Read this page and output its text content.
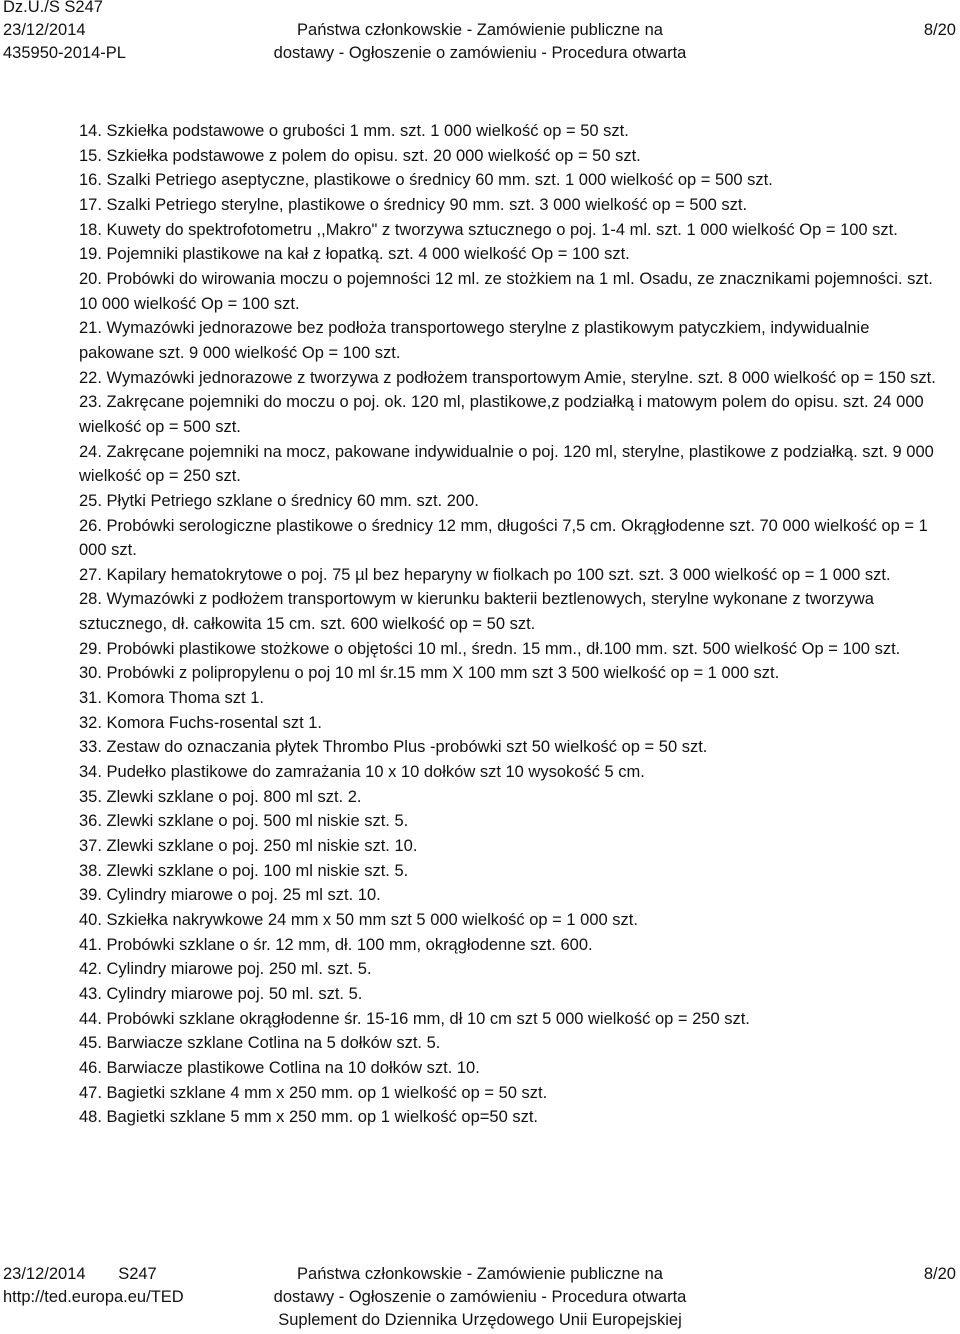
Dz.U./S S247
23/12/2014
435950-2014-PL
Państwa członkowskie - Zamówienie publiczne na
dostawy - Ogłoszenie o zamówieniu - Procedura otwarta
8/20

14. Szkiełka podstawowe o grubości 1 mm. szt. 1 000 wielkość op = 50 szt.

15. Szkiełka podstawowe z polem do opisu. szt. 20 000 wielkość op = 50 szt.

16. Szalki Petriego aseptyczne, plastikowe o średnicy 60 mm. szt. 1 000 wielkość op = 500 szt.

17. Szalki Petriego sterylne, plastikowe o średnicy 90 mm. szt. 3 000 wielkość op = 500 szt.

18. Kuwety do spektrofotometru ,,Makro" z tworzywa sztucznego o poj. 1-4 ml. szt. 1 000 wielkość Op = 100 szt.

19. Pojemniki plastikowe na kał z łopatką. szt. 4 000 wielkość Op = 100 szt.

20. Probówki do wirowania moczu o pojemności 12 ml. ze stożkiem na 1 ml. Osadu, ze znacznikami pojemności. szt. 10 000 wielkość Op = 100 szt.

21. Wymazówki jednorazowe bez podłoża transportowego sterylne z plastikowym patyczkiem, indywidualnie pakowane szt. 9 000 wielkość Op = 100 szt.

22. Wymazówki jednorazowe z tworzywa z podłożem transportowym Amie, sterylne. szt. 8 000 wielkość op = 150 szt.

23. Zakręcane pojemniki do moczu o poj. ok. 120 ml, plastikowe,z podziałką i matowym polem do opisu. szt. 24 000 wielkość op = 500 szt.

24. Zakręcane pojemniki na mocz, pakowane indywidualnie o poj. 120 ml, sterylne, plastikowe z podziałką. szt. 9 000 wielkość op = 250 szt.

25. Płytki Petriego szklane o średnicy 60 mm. szt. 200.

26. Probówki serologiczne plastikowe o średnicy 12 mm, długości 7,5 cm. Okrągłodenne szt. 70 000 wielkość op = 1 000 szt.

27. Kapilary hematokrytowe o poj. 75 µl bez heparyny w fiolkach po 100 szt. szt. 3 000 wielkość op = 1 000 szt.

28. Wymazówki z podłożem transportowym w kierunku bakterii beztlenowych, sterylne wykonane z tworzywa sztucznego, dł. całkowita 15 cm. szt. 600 wielkość op = 50 szt.

29. Probówki plastikowe stożkowe o objętości 10 ml., średn. 15 mm., dł.100 mm. szt. 500 wielkość Op = 100 szt.

30. Probówki z polipropylenu o poj 10 ml śr.15 mm X 100 mm szt 3 500 wielkość op = 1 000 szt.

31. Komora Thoma szt 1.

32. Komora Fuchs-rosental szt 1.

33. Zestaw do oznaczania płytek Thrombo Plus -probówki szt 50 wielkość op = 50 szt.

34. Pudełko plastikowe do zamrażania 10 x 10 dołków szt 10 wysokość 5 cm.

35. Zlewki szklane o poj. 800 ml szt. 2.

36. Zlewki szklane o poj. 500 ml niskie szt. 5.

37. Zlewki szklane o poj. 250 ml niskie szt. 10.

38. Zlewki szklane o poj. 100 ml niskie szt. 5.

39. Cylindry miarowe o poj. 25 ml szt. 10.

40. Szkiełka nakrywkowe 24 mm x 50 mm szt 5 000 wielkość op = 1 000 szt.

41. Probówki szklane o śr. 12 mm, dł. 100 mm, okrągłodenne szt. 600.

42. Cylindry miarowe poj. 250 ml. szt. 5.

43. Cylindry miarowe poj. 50 ml. szt. 5.

44. Probówki szklane okrągłodenne śr. 15-16 mm, dł 10 cm szt 5 000 wielkość op = 250 szt.

45. Barwiacze szklane Cotlina na 5 dołków szt. 5.

46. Barwiacze plastikowe Cotlina na 10 dołków szt. 10.

47. Bagietki szklane 4 mm x 250 mm. op 1 wielkość op = 50 szt.

48. Bagietki szklane 5 mm x 250 mm. op 1 wielkość op=50 szt.

23/12/2014 S247
http://ted.europa.eu/TED
Państwa członkowskie - Zamówienie publiczne na
dostawy - Ogłoszenie o zamówieniu - Procedura otwarta
Suplement do Dziennika Urzędowego Unii Europejskiej
8/20
